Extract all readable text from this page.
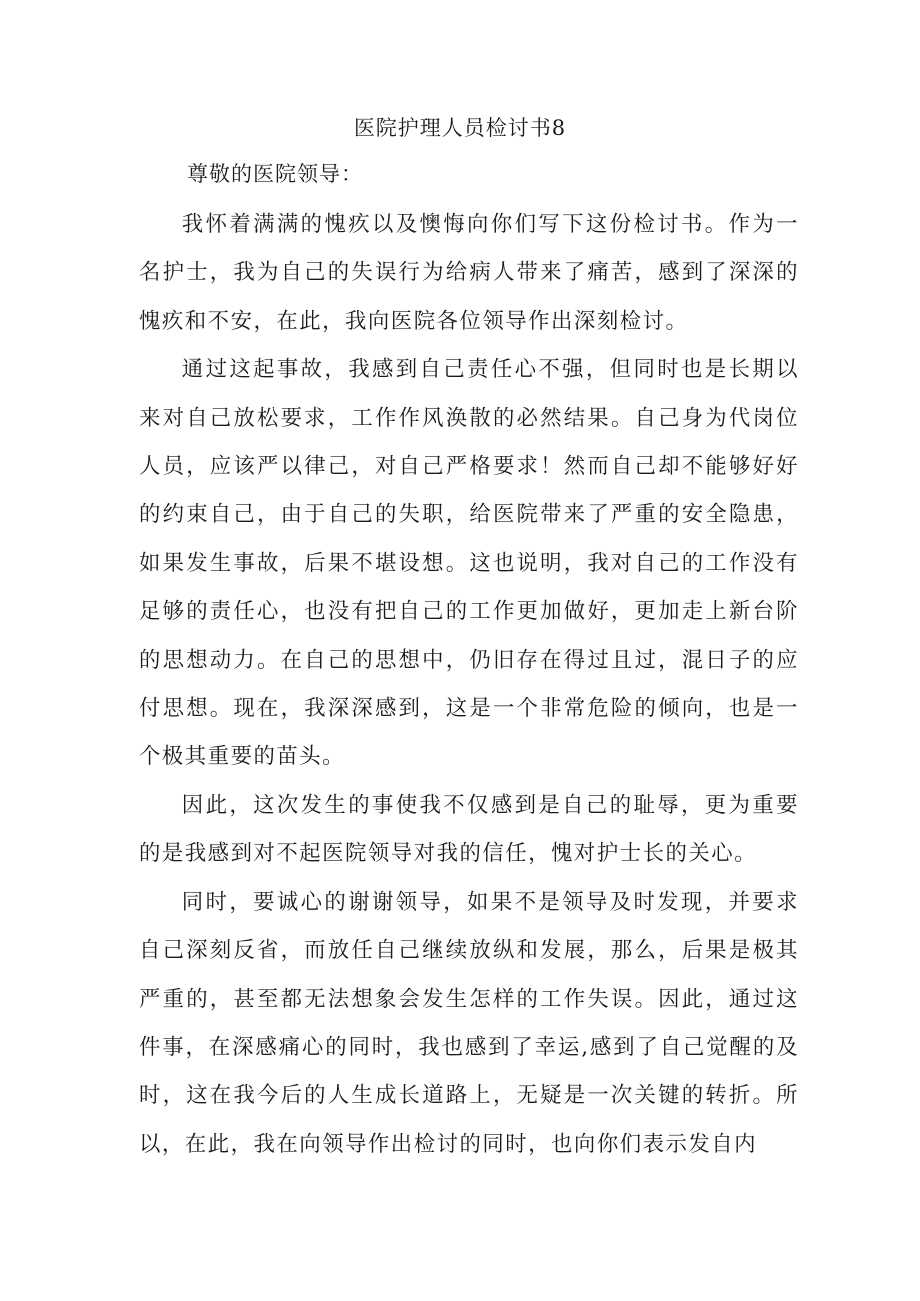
医院护理人员检讨书8
尊敬的医院领导：

我怀着满满的愧疚以及懊悔向你们写下这份检讨书。作为一名护士，我为自己的失误行为给病人带来了痛苦，感到了深深的愧疚和不安，在此，我向医院各位领导作出深刻检讨。

通过这起事故，我感到自己责任心不强，但同时也是长期以来对自己放松要求，工作作风涣散的必然结果。自己身为代岗位人员，应该严以律己，对自己严格要求！然而自己却不能够好好的约束自己，由于自己的失职，给医院带来了严重的安全隐患，如果发生事故，后果不堪设想。这也说明，我对自己的工作没有足够的责任心，也没有把自己的工作更加做好，更加走上新台阶的思想动力。在自己的思想中，仍旧存在得过且过，混日子的应付思想。现在，我深深感到，这是一个非常危险的倾向，也是一个极其重要的苗头。

因此，这次发生的事使我不仅感到是自己的耻辱，更为重要的是我感到对不起医院领导对我的信任，愧对护士长的关心。

同时，要诚心的谢谢领导，如果不是领导及时发现，并要求自己深刻反省，而放任自己继续放纵和发展，那么，后果是极其严重的，甚至都无法想象会发生怎样的工作失误。因此，通过这件事，在深感痛心的同时，我也感到了幸运,感到了自己觉醒的及时，这在我今后的人生成长道路上，无疑是一次关键的转折。所以，在此，我在向领导作出检讨的同时，也向你们表示发自内
